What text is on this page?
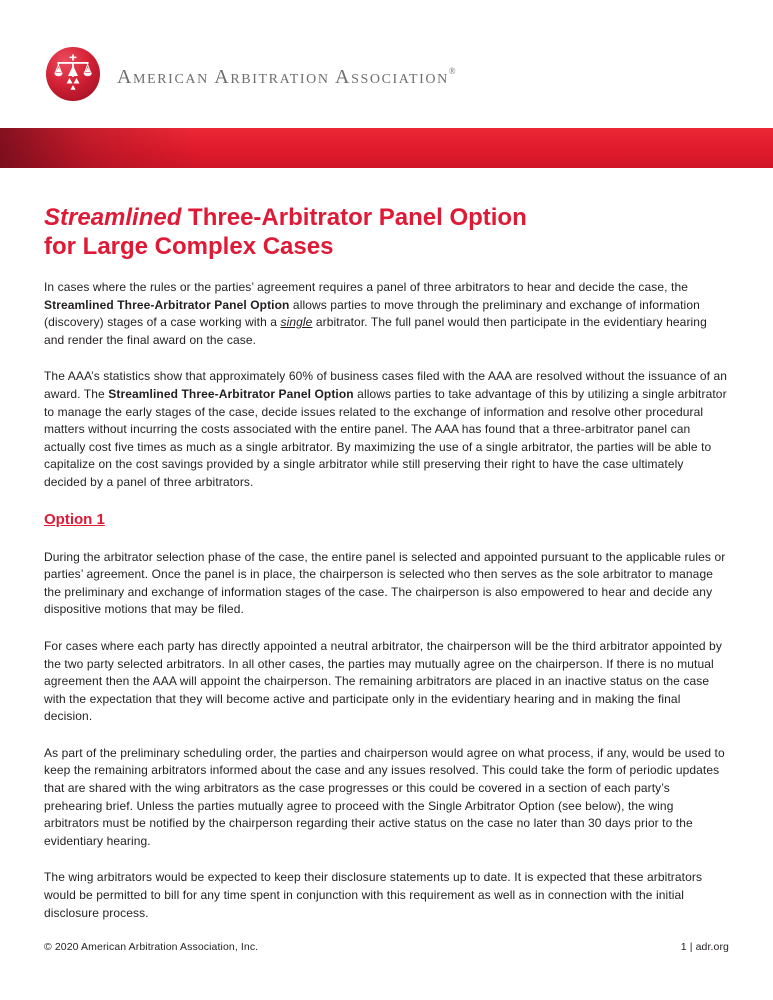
American Arbitration Association®
Streamlined Three-Arbitrator Panel Option
for Large Complex Cases

In cases where the rules or the parties’ agreement requires a panel of three arbitrators to hear and decide the case, the Streamlined Three-Arbitrator Panel Option allows parties to move through the preliminary and exchange of information (discovery) stages of a case working with a single arbitrator. The full panel would then participate in the evidentiary hearing and render the final award on the case.

The AAA’s statistics show that approximately 60% of business cases filed with the AAA are resolved without the issuance of an award. The Streamlined Three-Arbitrator Panel Option allows parties to take advantage of this by utilizing a single arbitrator to manage the early stages of the case, decide issues related to the exchange of information and resolve other procedural matters without incurring the costs associated with the entire panel. The AAA has found that a three-arbitrator panel can actually cost five times as much as a single arbitrator. By maximizing the use of a single arbitrator, the parties will be able to capitalize on the cost savings provided by a single arbitrator while still preserving their right to have the case ultimately decided by a panel of three arbitrators.

Option 1

During the arbitrator selection phase of the case, the entire panel is selected and appointed pursuant to the applicable rules or parties’ agreement. Once the panel is in place, the chairperson is selected who then serves as the sole arbitrator to manage the preliminary and exchange of information stages of the case. The chairperson is also empowered to hear and decide any dispositive motions that may be filed.

For cases where each party has directly appointed a neutral arbitrator, the chairperson will be the third arbitrator appointed by the two party selected arbitrators. In all other cases, the parties may mutually agree on the chairperson. If there is no mutual agreement then the AAA will appoint the chairperson. The remaining arbitrators are placed in an inactive status on the case with the expectation that they will become active and participate only in the evidentiary hearing and in making the final decision.

As part of the preliminary scheduling order, the parties and chairperson would agree on what process, if any, would be used to keep the remaining arbitrators informed about the case and any issues resolved. This could take the form of periodic updates that are shared with the wing arbitrators as the case progresses or this could be covered in a section of each party’s prehearing brief. Unless the parties mutually agree to proceed with the Single Arbitrator Option (see below), the wing arbitrators must be notified by the chairperson regarding their active status on the case no later than 30 days prior to the evidentiary hearing.

The wing arbitrators would be expected to keep their disclosure statements up to date. It is expected that these arbitrators would be permitted to bill for any time spent in conjunction with this requirement as well as in connection with the initial disclosure process.

© 2020 American Arbitration Association, Inc.	1 | adr.org
